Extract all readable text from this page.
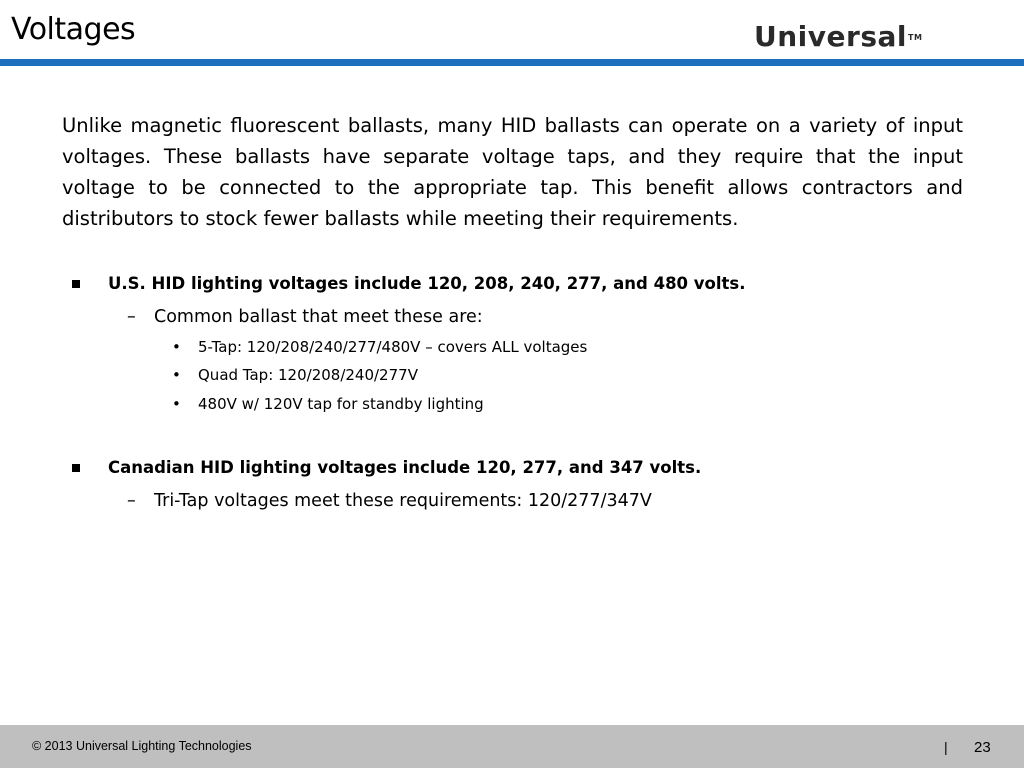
Voltages	Universal™
Unlike magnetic fluorescent ballasts, many HID ballasts can operate on a variety of input voltages. These ballasts have separate voltage taps, and they require that the input voltage to be connected to the appropriate tap. This benefit allows contractors and distributors to stock fewer ballasts while meeting their requirements.
U.S. HID lighting voltages include 120, 208, 240, 277, and 480 volts.
– Common ballast that meet these are:
• 5-Tap: 120/208/240/277/480V – covers ALL voltages
• Quad Tap: 120/208/240/277V
• 480V w/ 120V tap for standby lighting
Canadian HID lighting voltages include 120, 277, and 347 volts.
– Tri-Tap voltages meet these requirements: 120/277/347V
© 2013 Universal Lighting Technologies	| 23
